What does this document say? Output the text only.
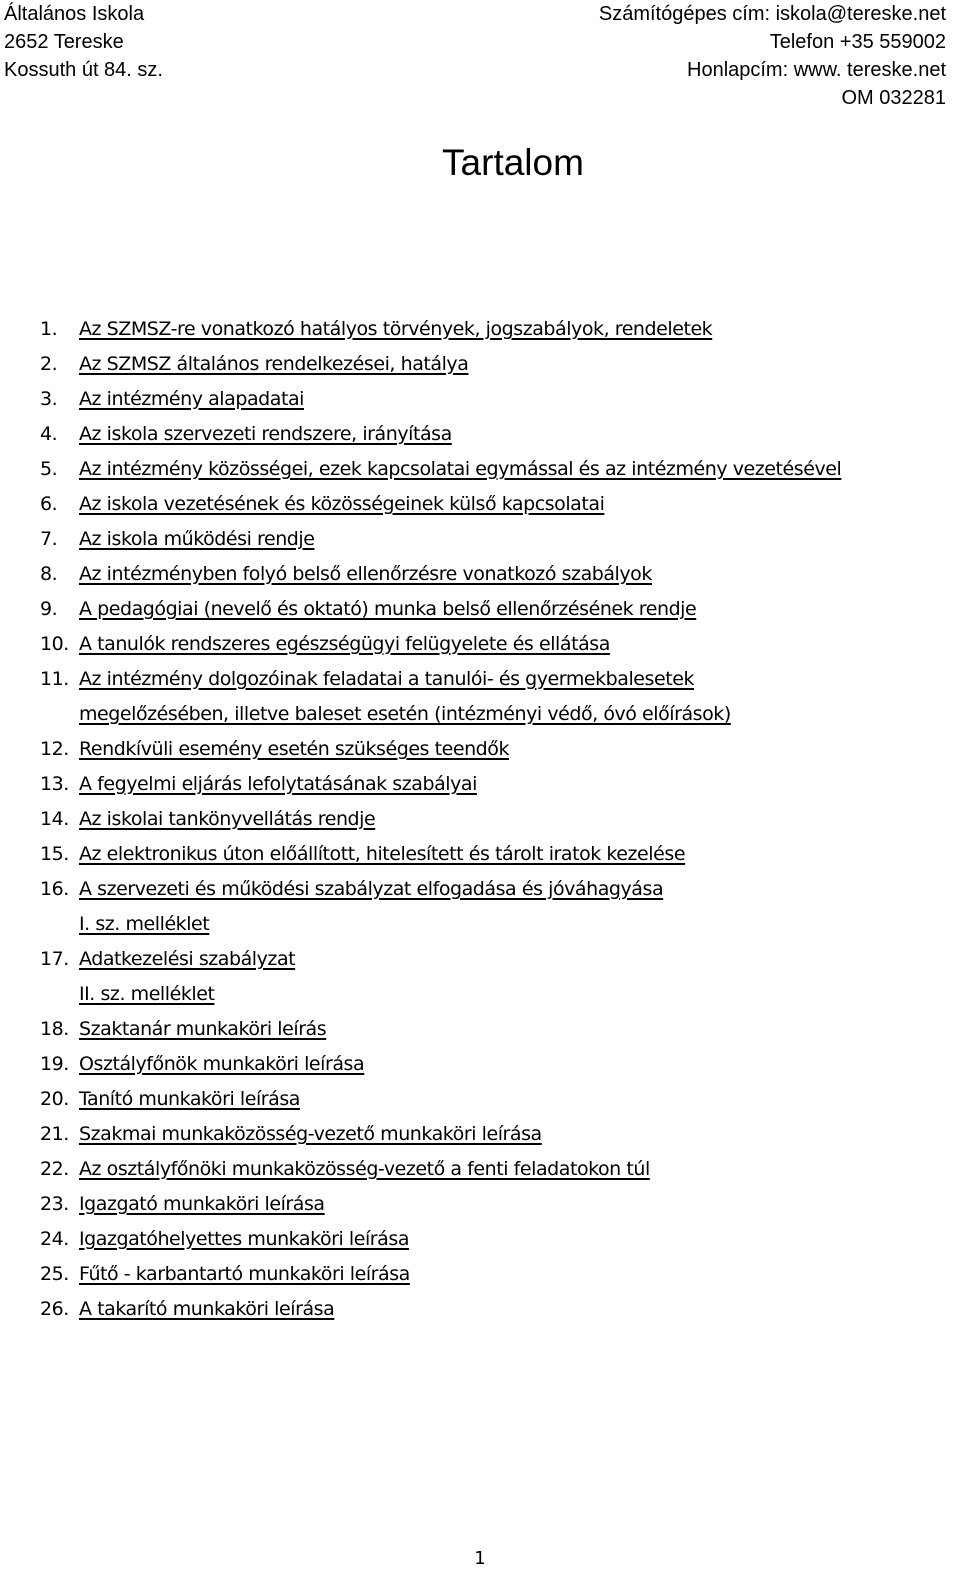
Általános Iskola
2652 Tereske
Kossuth út 84. sz.
Számítógépes cím: iskola@tereske.net
Telefon +35 559002
Honlapcím: www. tereske.net
OM 032281
Tartalom
1.	Az SZMSZ-re vonatkozó hatályos törvények, jogszabályok, rendeletek
2.	Az SZMSZ általános rendelkezései, hatálya
3.	Az intézmény alapadatai
4.	Az iskola szervezeti rendszere, irányítása
5.	Az intézmény közösségei, ezek kapcsolatai egymással és az intézmény vezetésével
6.	Az iskola vezetésének és közösségeinek külső kapcsolatai
7.	Az iskola működési rendje
8.	Az intézményben folyó belső ellenőrzésre vonatkozó szabályok
9.	A pedagógiai (nevelő és oktató) munka belső ellenőrzésének rendje
10. A tanulók rendszeres egészségügyi felügyelete és ellátása
11. Az intézmény dolgozóinak feladatai a tanulói- és gyermekbalesetek
megelőzésében, illetve baleset esetén (intézményi védő, óvó előírások)
12. Rendkívüli esemény esetén szükséges teendők
13. A fegyelmi eljárás lefolytatásának szabályai
14. Az iskolai tankönyvellátás rendje
15. Az elektronikus úton előállított, hitelesített és tárolt iratok kezelése
16. A szervezeti és működési szabályzat elfogadása és jóváhagyása
I. sz. melléklet
17. Adatkezelési szabályzat
II. sz. melléklet
18. Szaktanár munkaköri leírás
19. Osztályfőnök munkaköri leírása
20. Tanító munkaköri leírása
21. Szakmai munkaközösség-vezető munkaköri leírása
22. Az osztályfőnöki munkaközösség-vezető a fenti feladatokon túl
23. Igazgató munkaköri leírása
24. Igazgatóhelyettes munkaköri leírása
25. Fűtő - karbantartó munkaköri leírása
26. A takarító munkaköri leírása
1
